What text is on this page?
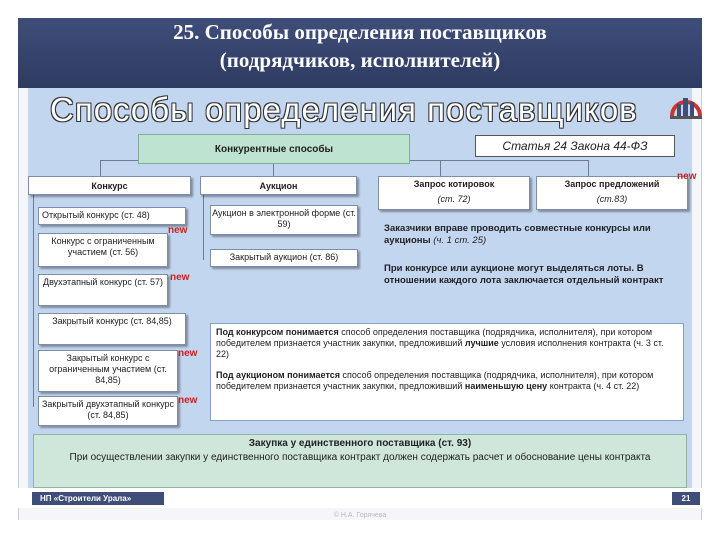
25. Способы определения поставщиков
(подрядчиков, исполнителей)
Способы определения поставщиков
Конкурентные способы	Статья 24 Закона 44-ФЗ
Конкурс	Аукцион	Запрос котировок
(ст. 72)
Запрос предложений
(ст.83)
new
Открытый конкурс (ст. 48)
new
Конкурс с ограниченным участием (ст. 56)
new
Двухэтапный конкурс (ст. 57)
Закрытый конкурс (ст. 84,85)
Закрытый конкурс с ограниченным участием (ст. 84,85)
new
Закрытый двухэтапный конкурс (ст. 84,85)
new
Аукцион в электронной форме (ст. 59)
Закрытый аукцион (ст. 86)
Заказчики вправе проводить совместные конкурсы или аукционы (ч. 1 ст. 25)
При конкурсе или аукционе могут выделяться лоты. В отношении каждого лота заключается отдельный контракт
Под конкурсом понимается способ определения поставщика (подрядчика, исполнителя), при котором победителем признается участник закупки, предложивший лучшие условия исполнения контракта (ч. 3 ст. 22)
Под аукционом понимается способ определения поставщика (подрядчика, исполнителя), при котором победителем признается участник закупки, предложивший наименьшую цену контракта (ч. 4 ст. 22)
Закупка у единственного поставщика (ст. 93)
При осуществлении закупки у единственного поставщика контракт должен содержать расчет и обоснование цены контракта
НП «Строители Урала»	21
© Н.А. Горячева
